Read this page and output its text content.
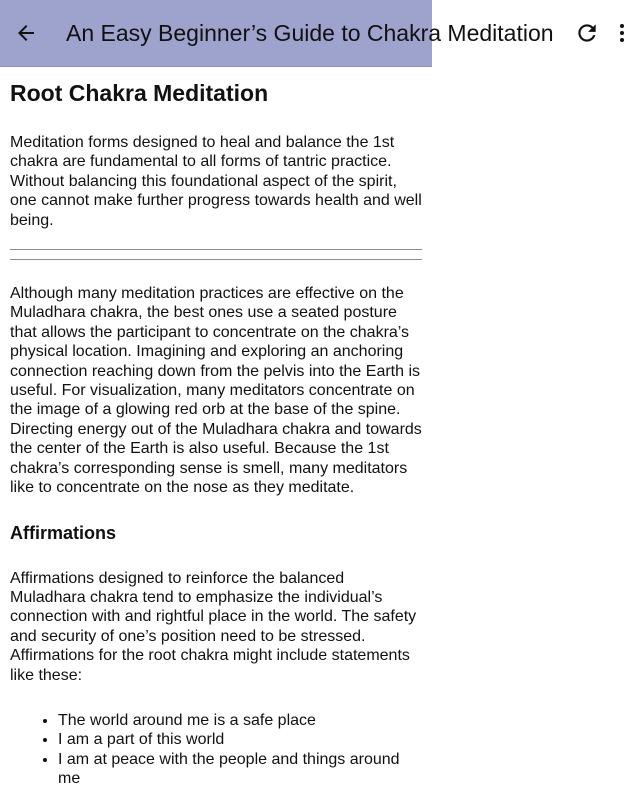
An Easy Beginner’s Guide to Chakra Meditation
Root Chakra Meditation

Meditation forms designed to heal and balance the 1st chakra are fundamental to all forms of tantric practice. Without balancing this foundational aspect of the spirit, one cannot make further progress towards health and well being.

Although many meditation practices are effective on the Muladhara chakra, the best ones use a seated posture that allows the participant to concentrate on the chakra’s physical location. Imagining and exploring an anchoring connection reaching down from the pelvis into the Earth is useful. For visualization, many meditators concentrate on the image of a glowing red orb at the base of the spine. Directing energy out of the Muladhara chakra and towards the center of the Earth is also useful. Because the 1st chakra’s corresponding sense is smell, many meditators like to concentrate on the nose as they meditate.

Affirmations

Affirmations designed to reinforce the balanced Muladhara chakra tend to emphasize the individual’s connection with and rightful place in the world. The safety and security of one’s position need to be stressed. Affirmations for the root chakra might include statements like these:

• The world around me is a safe place
• I am a part of this world
• I am at peace with the people and things around me
